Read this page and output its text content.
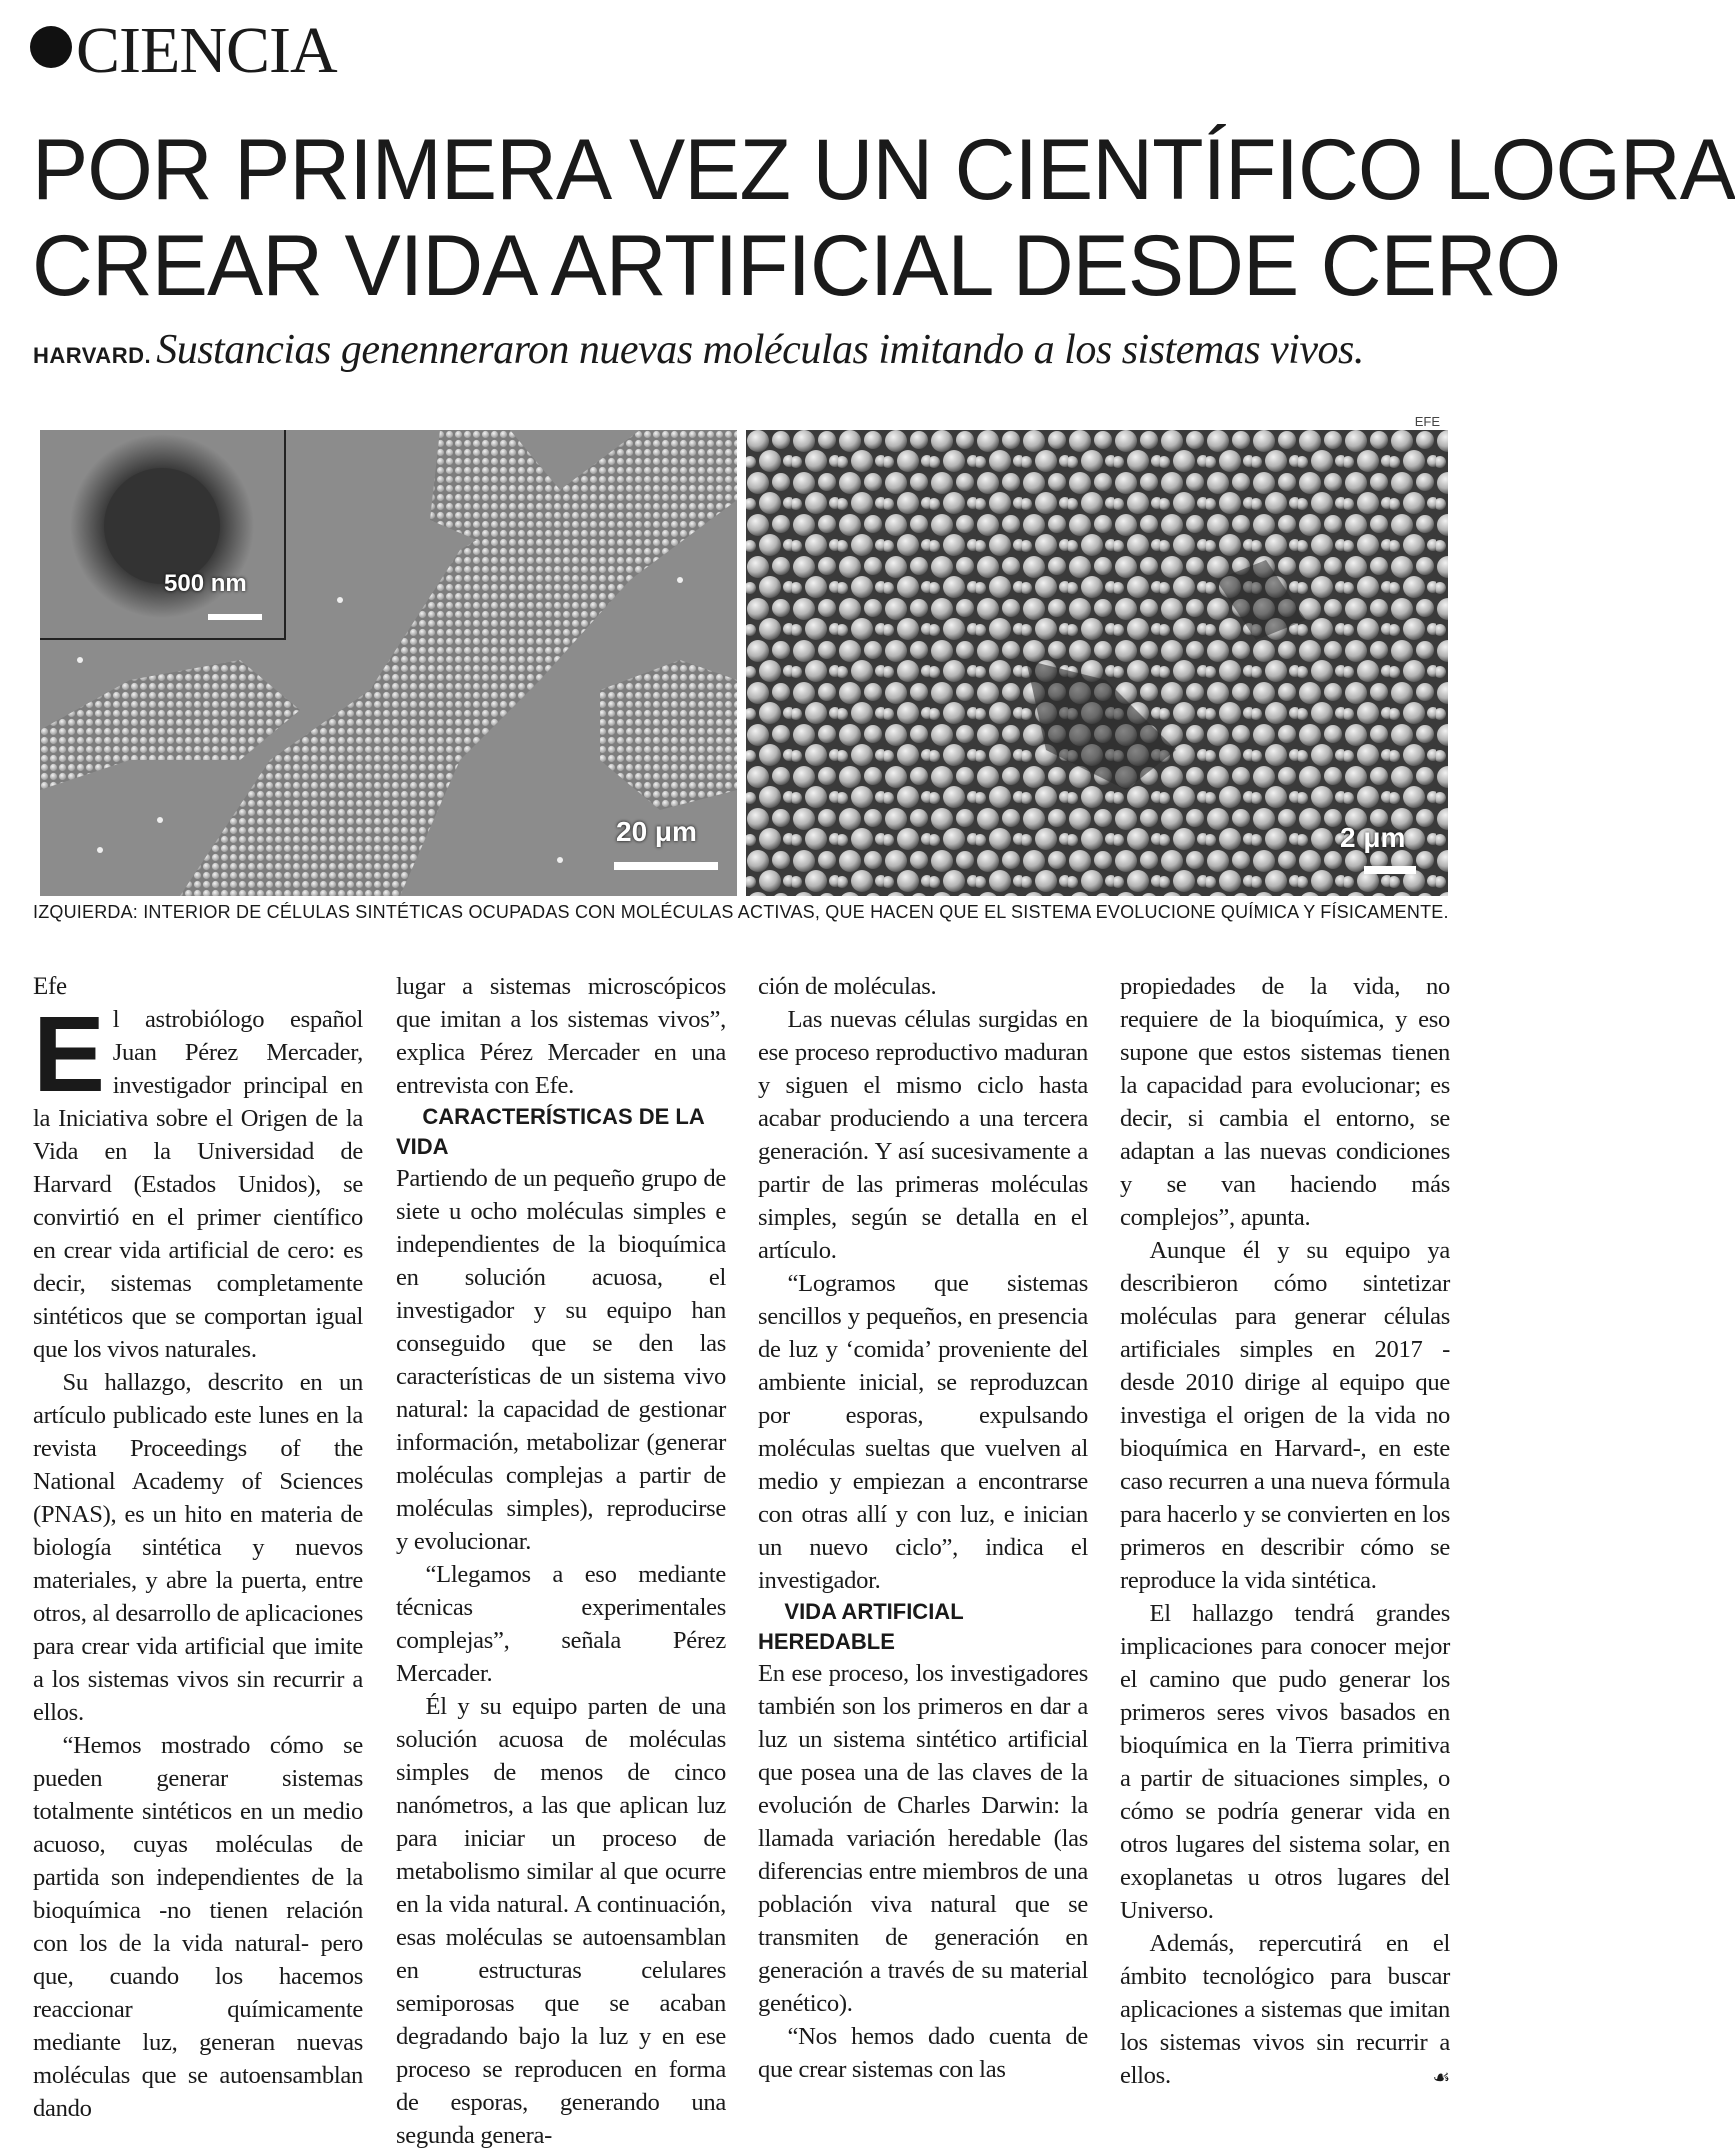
CIENCIA
POR PRIMERA VEZ UN CIENTÍFICO LOGRA
CREAR VIDA ARTIFICIAL DESDE CERO
HARVARD. Sustancias genenneraron nuevas moléculas imitando a los sistemas vivos.
EFE
500 nm
20 μm	2 μm
IZQUIERDA: INTERIOR DE CÉLULAS SINTÉTICAS OCUPADAS CON MOLÉCULAS ACTIVAS, QUE HACEN QUE EL SISTEMA EVOLUCIONE QUÍMICA Y FÍSICAMENTE.

Efe

El astrobiólogo español Juan Pérez Mercader, investigador principal en la Iniciativa sobre el Origen de la Vida en la Universidad de Harvard (Estados Unidos), se convirtió en el primer científico en crear vida artificial de cero: es decir, sistemas completamente sintéticos que se comportan igual que los vivos naturales.

Su hallazgo, descrito en un artículo publicado este lunes en la revista Proceedings of the National Academy of Sciences (PNAS), es un hito en materia de biología sintética y nuevos materiales, y abre la puerta, entre otros, al desarrollo de aplicaciones para crear vida artificial que imite a los sistemas vivos sin recurrir a ellos.

“Hemos mostrado cómo se pueden generar sistemas totalmente sintéticos en un medio acuoso, cuyas moléculas de partida son independientes de la bioquímica -no tienen relación con los de la vida natural- pero que, cuando los hacemos reaccionar químicamente mediante luz, generan nuevas moléculas que se autoensamblan dando

lugar a sistemas microscópicos que imitan a los sistemas vivos”, explica Pérez Mercader en una entrevista con Efe.

CARACTERÍSTICAS DE LA VIDA

Partiendo de un pequeño grupo de siete u ocho moléculas simples e independientes de la bioquímica en solución acuosa, el investigador y su equipo han conseguido que se den las características de un sistema vivo natural: la capacidad de gestionar información, metabolizar (generar moléculas complejas a partir de moléculas simples), reproducirse y evolucionar.

“Llegamos a eso mediante técnicas experimentales complejas”, señala Pérez Mercader.

Él y su equipo parten de una solución acuosa de moléculas simples de menos de cinco nanómetros, a las que aplican luz para iniciar un proceso de metabolismo similar al que ocurre en la vida natural. A continuación, esas moléculas se autoensamblan en estructuras celulares semiporosas que se acaban degradando bajo la luz y en ese proceso se reproducen en forma de esporas, generando una segunda genera-

ción de moléculas.

Las nuevas células surgidas en ese proceso reproductivo maduran y siguen el mismo ciclo hasta acabar produciendo a una tercera generación. Y así sucesivamente a partir de las primeras moléculas simples, según se detalla en el artículo.

“Logramos que sistemas sencillos y pequeños, en presencia de luz y ‘comida’ proveniente del ambiente inicial, se reproduzcan por esporas, expulsando moléculas sueltas que vuelven al medio y empiezan a encontrarse con otras allí y con luz, e inician un nuevo ciclo”, indica el investigador.

VIDA ARTIFICIAL HEREDABLE

En ese proceso, los investigadores también son los primeros en dar a luz un sistema sintético artificial que posea una de las claves de la evolución de Charles Darwin: la llamada variación heredable (las diferencias entre miembros de una población viva natural que se transmiten de generación en generación a través de su material genético).

“Nos hemos dado cuenta de que crear sistemas con las

propiedades de la vida, no requiere de la bioquímica, y eso supone que estos sistemas tienen la capacidad para evolucionar; es decir, si cambia el entorno, se adaptan a las nuevas condiciones y se van haciendo más complejos”, apunta.

Aunque él y su equipo ya describieron cómo sintetizar moléculas para generar células artificiales simples en 2017 - desde 2010 dirige al equipo que investiga el origen de la vida no bioquímica en Harvard-, en este caso recurren a una nueva fórmula para hacerlo y se convierten en los primeros en describir cómo se reproduce la vida sintética.

El hallazgo tendrá grandes implicaciones para conocer mejor el camino que pudo generar los primeros seres vivos basados en bioquímica en la Tierra primitiva a partir de situaciones simples, o cómo se podría generar vida en otros lugares del sistema solar, en exoplanetas u otros lugares del Universo.

Además, repercutirá en el ámbito tecnológico para buscar aplicaciones a sistemas que imitan los sistemas vivos sin recurrir a ellos.	☙
